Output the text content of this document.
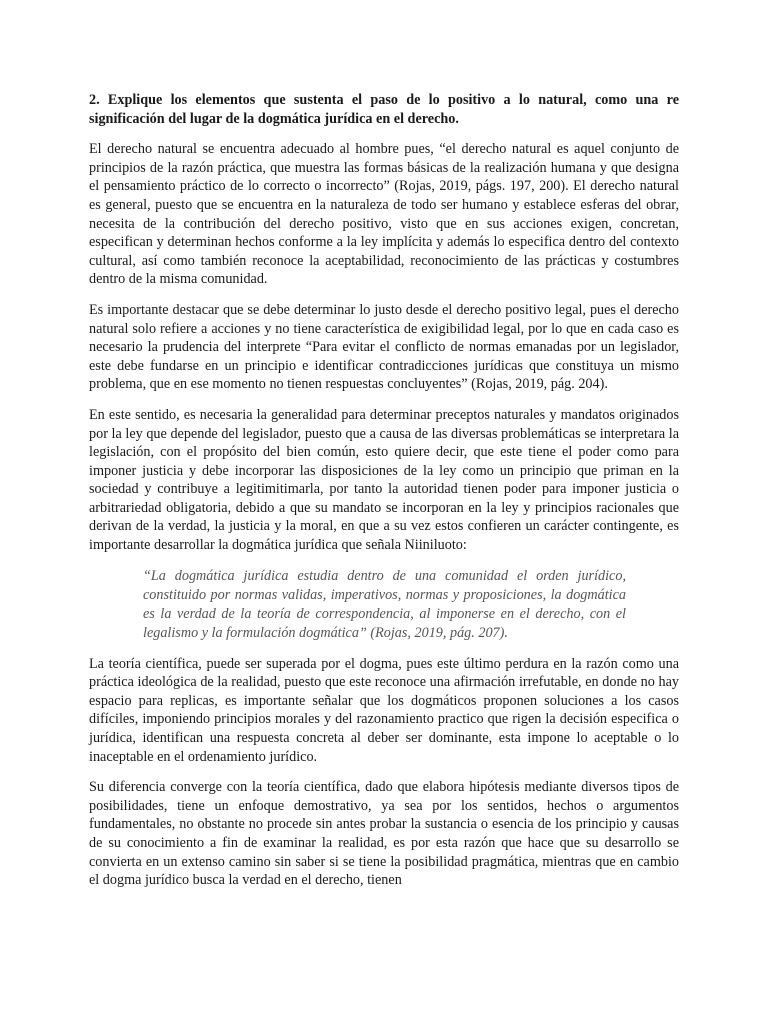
2. Explique los elementos que sustenta el paso de lo positivo a lo natural, como una re significación del lugar de la dogmática jurídica en el derecho.

El derecho natural se encuentra adecuado al hombre pues, “el derecho natural es aquel conjunto de principios de la razón práctica, que muestra las formas básicas de la realización humana y que designa el pensamiento práctico de lo correcto o incorrecto” (Rojas, 2019, págs. 197, 200). El derecho natural es general, puesto que se encuentra en la naturaleza de todo ser humano y establece esferas del obrar, necesita de la contribución del derecho positivo, visto que en sus acciones exigen, concretan, especifican y determinan hechos conforme a la ley implícita y además lo especifica dentro del contexto cultural, así como también reconoce la aceptabilidad, reconocimiento de las prácticas y costumbres dentro de la misma comunidad.

Es importante destacar que se debe determinar lo justo desde el derecho positivo legal, pues el derecho natural solo refiere a acciones y no tiene característica de exigibilidad legal, por lo que en cada caso es necesario la prudencia del interprete “Para evitar el conflicto de normas emanadas por un legislador, este debe fundarse en un principio e identificar contradicciones jurídicas que constituya un mismo problema, que en ese momento no tienen respuestas concluyentes” (Rojas, 2019, pág. 204).

En este sentido, es necesaria la generalidad para determinar preceptos naturales y mandatos originados por la ley que depende del legislador, puesto que a causa de las diversas problemáticas se interpretara la legislación, con el propósito del bien común, esto quiere decir, que este tiene el poder como para imponer justicia y debe incorporar las disposiciones de la ley como un principio que priman en la sociedad y contribuye a legitimitimarla, por tanto la autoridad tienen poder para imponer justicia o arbitrariedad obligatoria, debido a que su mandato se incorporan en la ley y principios racionales que derivan de la verdad, la justicia y la moral, en que a su vez estos confieren un carácter contingente, es importante desarrollar la dogmática jurídica que señala Niiniluoto:

“La dogmática jurídica estudia dentro de una comunidad el orden jurídico, constituido por normas validas, imperativos, normas y proposiciones, la dogmática es la verdad de la teoría de correspondencia, al imponerse en el derecho, con el legalismo y la formulación dogmática” (Rojas, 2019, pág. 207).

La teoría científica, puede ser superada por el dogma, pues este último perdura en la razón como una práctica ideológica de la realidad, puesto que este reconoce una afirmación irrefutable, en donde no hay espacio para replicas, es importante señalar que los dogmáticos proponen soluciones a los casos difíciles, imponiendo principios morales y del razonamiento practico que rigen la decisión especifica o jurídica, identifican una respuesta concreta al deber ser dominante, esta impone lo aceptable o lo inaceptable en el ordenamiento jurídico.

Su diferencia converge con la teoría científica, dado que elabora hipótesis mediante diversos tipos de posibilidades, tiene un enfoque demostrativo, ya sea por los sentidos, hechos o argumentos fundamentales, no obstante no procede sin antes probar la sustancia o esencia de los principio y causas de su conocimiento a fin de examinar la realidad, es por esta razón que hace que su desarrollo se convierta en un extenso camino sin saber si se tiene la posibilidad pragmática, mientras que en cambio el dogma jurídico busca la verdad en el derecho, tienen
